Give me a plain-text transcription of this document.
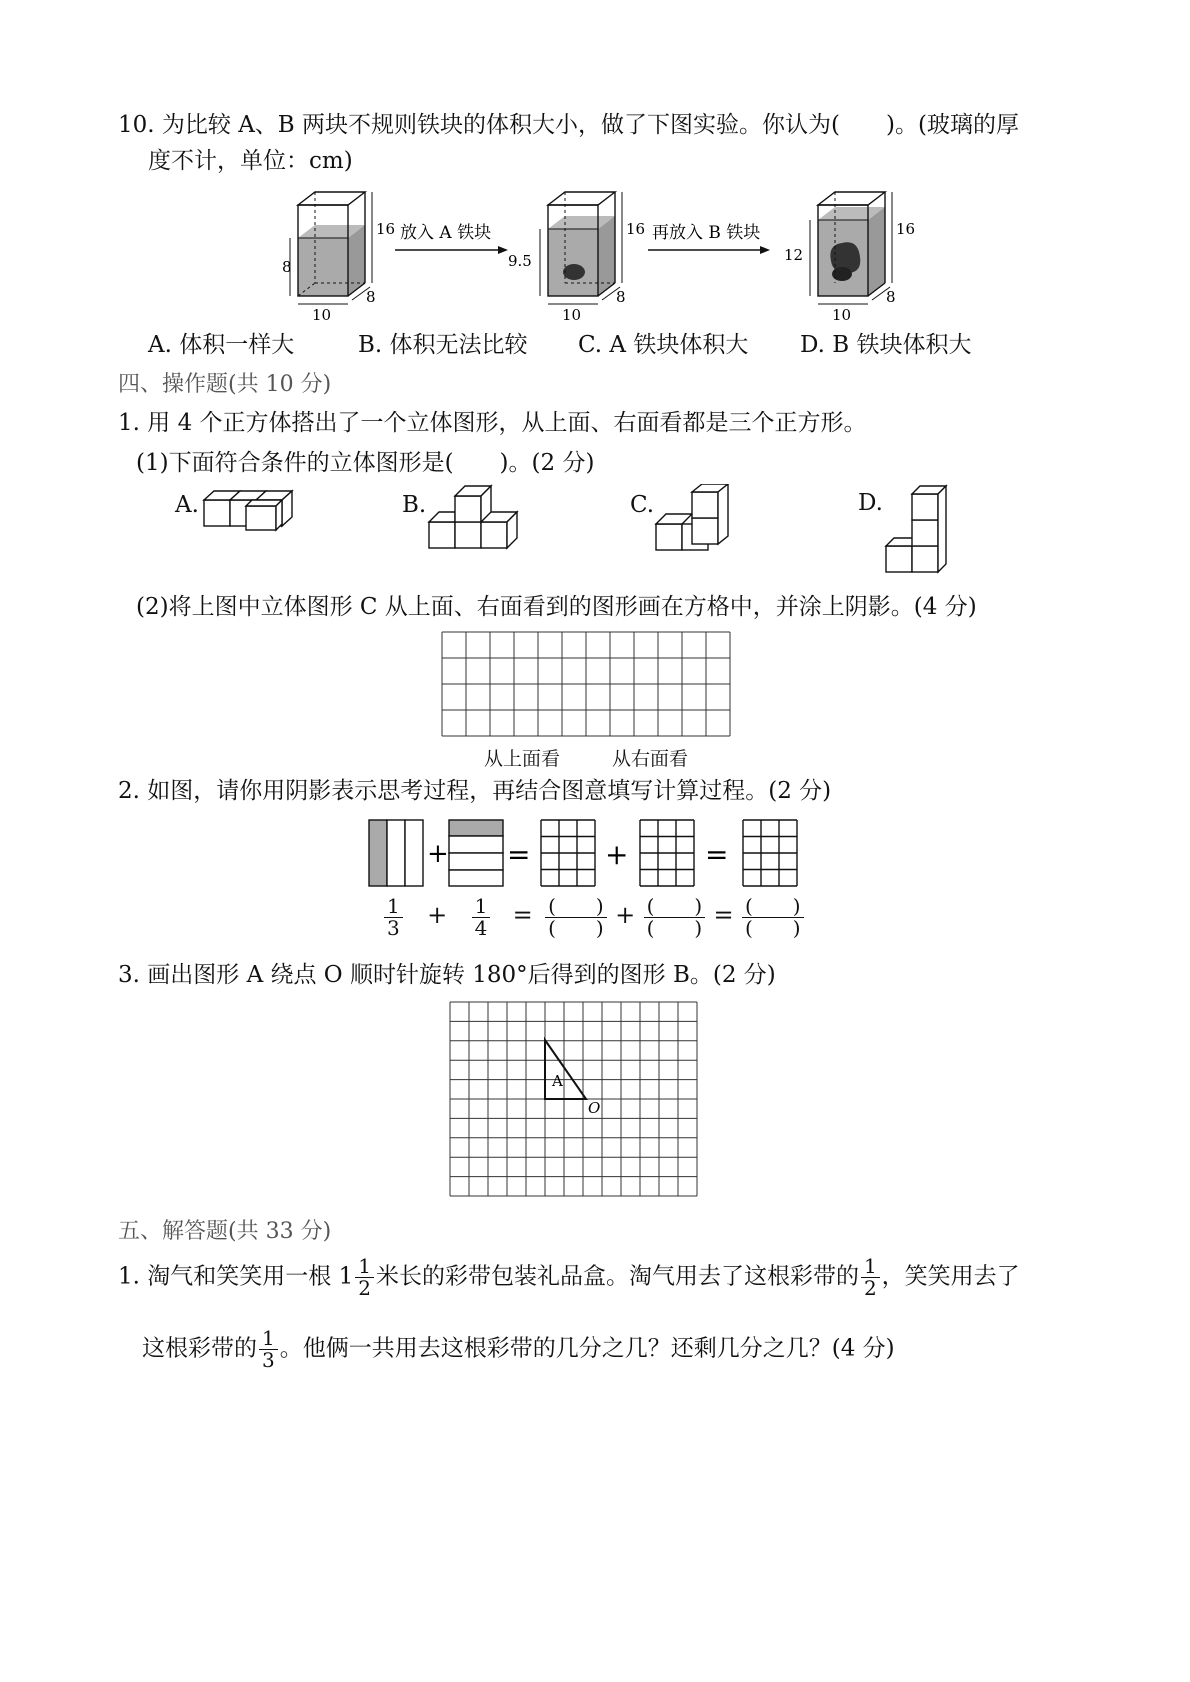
10. 为比较 A、B 两块不规则铁块的体积大小，做了下图实验。你认为(　　)。(玻璃的厚
度不计，单位：cm)
8
16
10
8
放入 A 铁块
9.5
16
10
8
再放入 B 铁块
12
16
10
8
A. 体积一样大	B. 体积无法比较 C. A 铁块体积大 D. B 铁块体积大
四、操作题(共 10 分)
1. 用 4 个正方体搭出了一个立体图形，从上面、右面看都是三个正方形。
(1)下面符合条件的立体图形是(　　)。(2 分)
A.	B.	C.	D.
(2)将上图中立体图形 C 从上面、右面看到的图形画在方格中，并涂上阴影。(4 分)
从上面看	从右面看
2. 如图，请你用阴影表示思考过程，再结合图意填写计算过程。(2 分)
+ =	+	=
$\frac{1}{3} + \frac{1}{4} = \frac{( )}{( )} + \frac{( )}{( )} = \frac{( )}{( )}$
3. 画出图形 A 绕点 O 顺时针旋转 180°后得到的图形 B。(2 分)
A
O
五、解答题(共 33 分)
1. 淘气和笑笑用一根 $1 \frac{1}{2}$ 米长的彩带包装礼品盒。淘气用去了这根彩带的 $\frac{1}{2}$ ，笑笑用去了
这根彩带的 $\frac{1}{3}$ 。他俩一共用去这根彩带的几分之几？还剩几分之几？(4 分)
